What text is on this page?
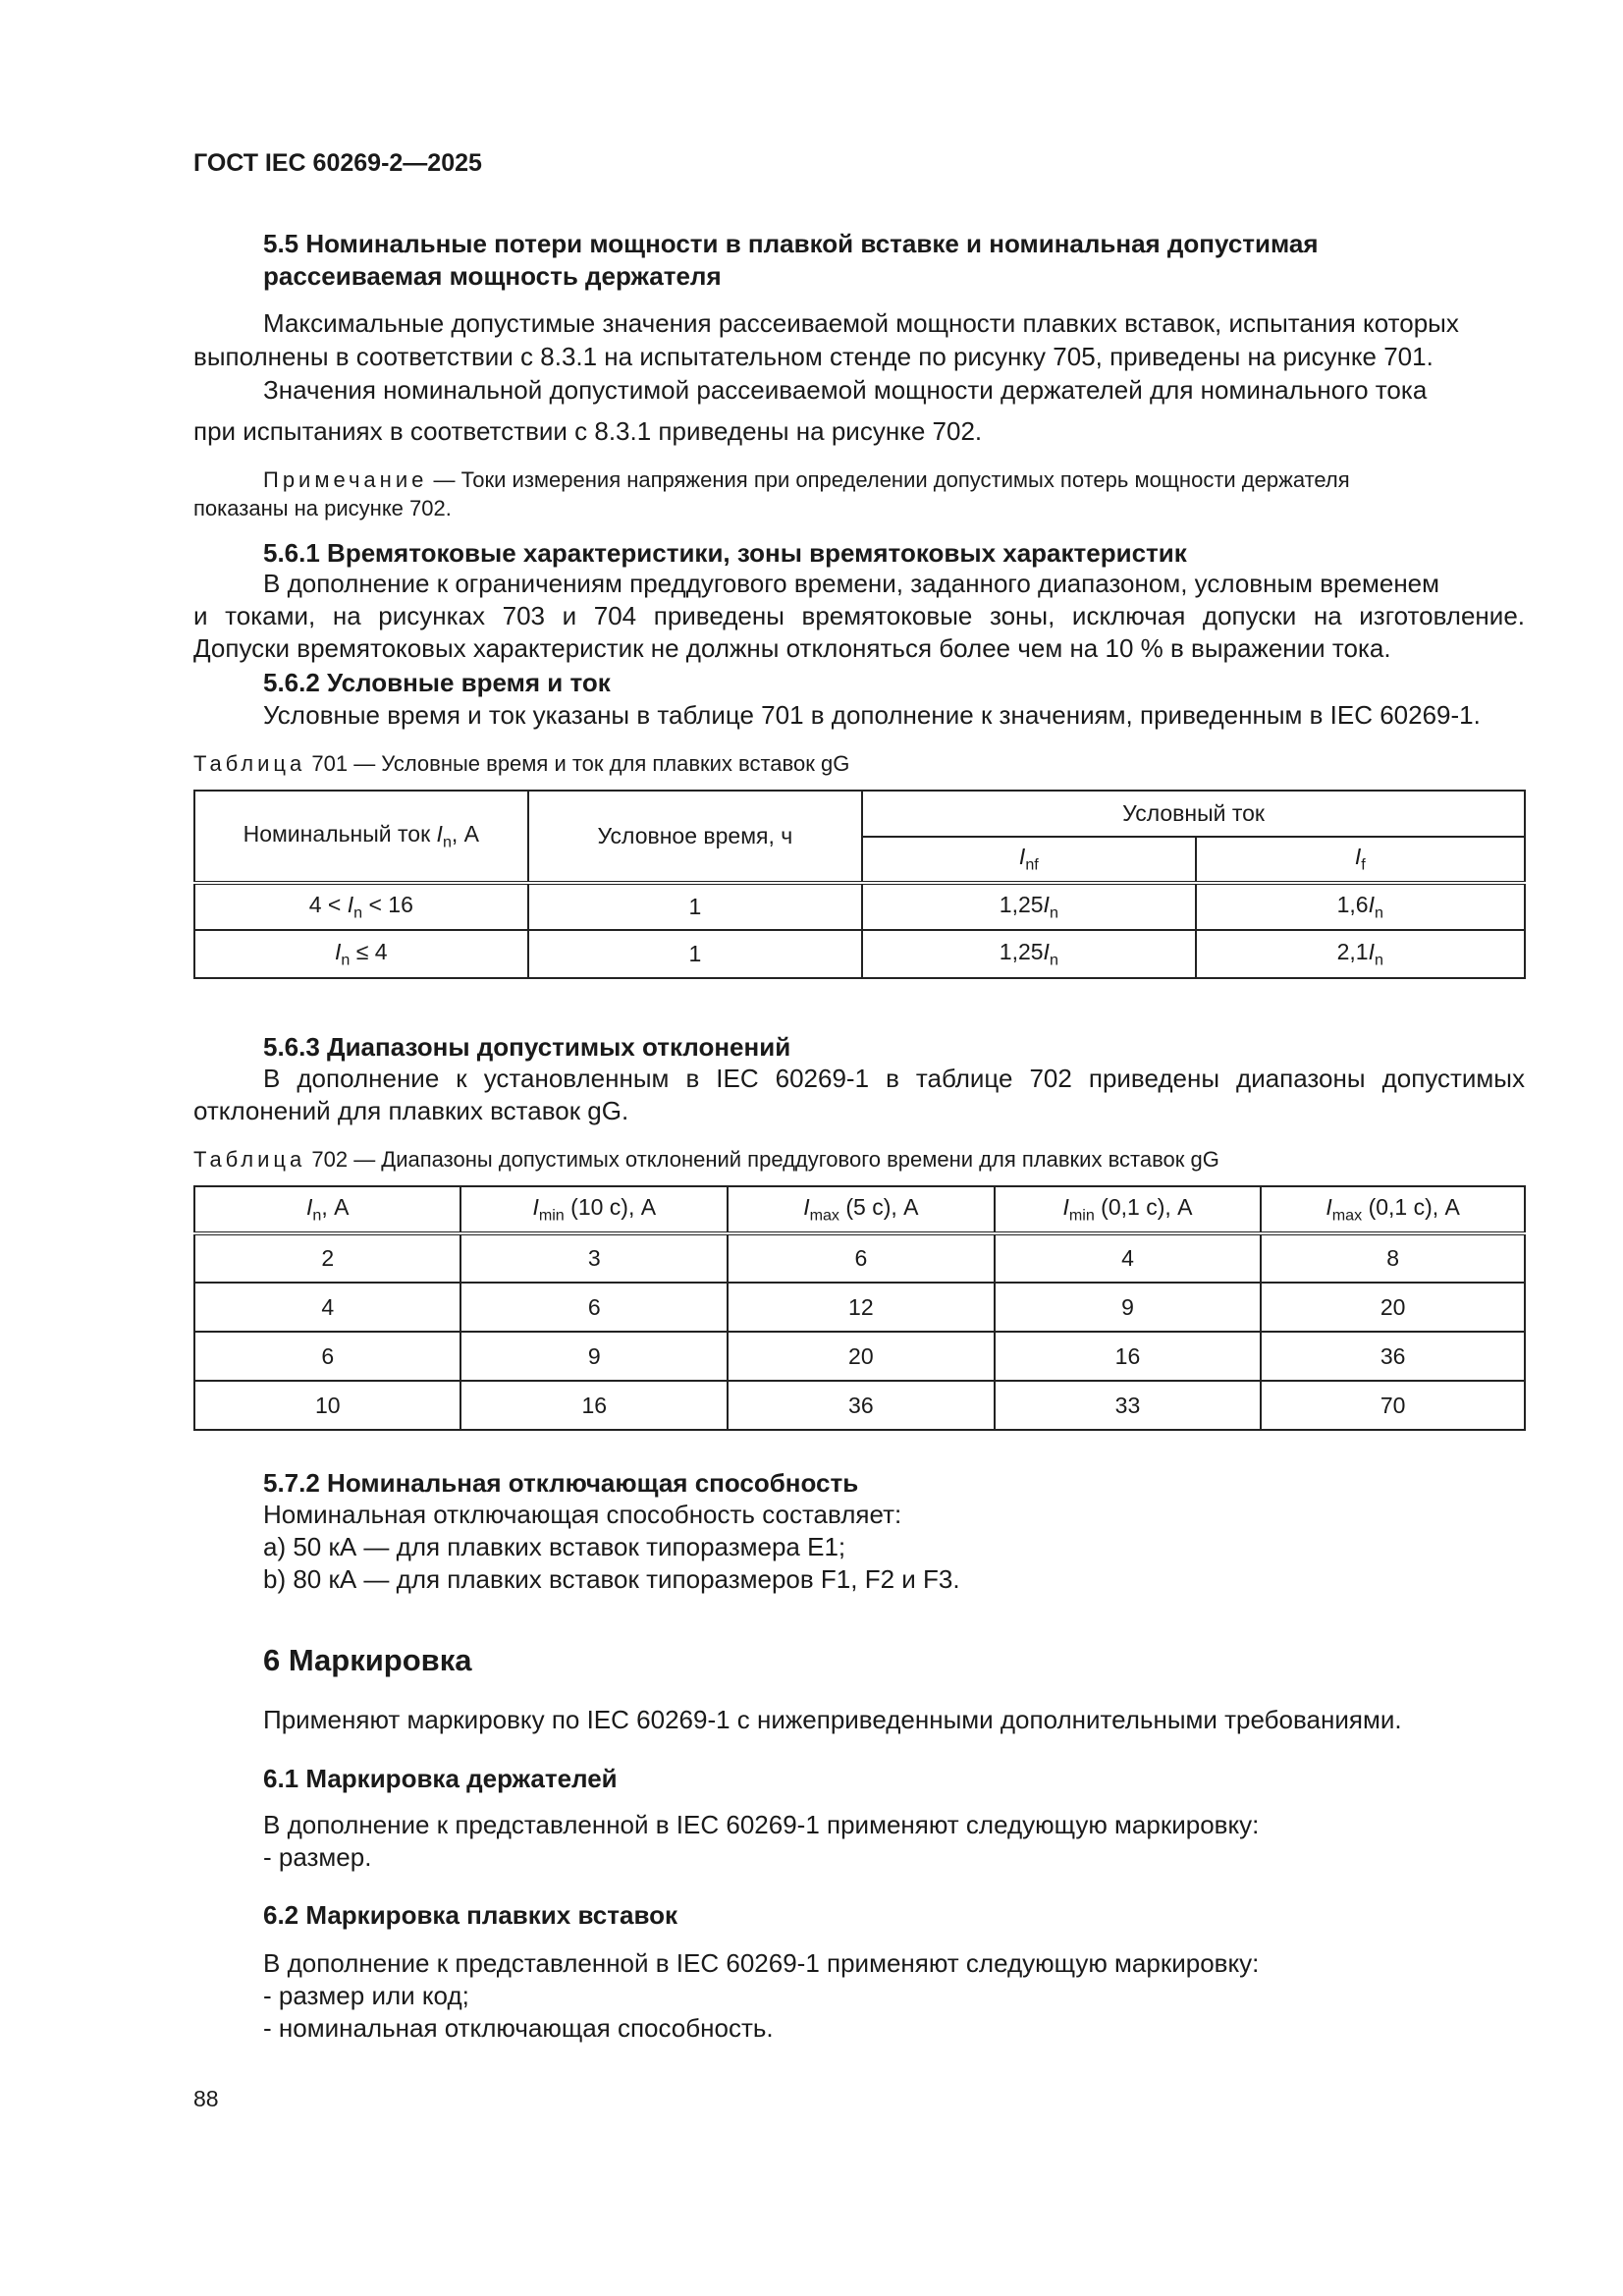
ГОСТ IEC 60269-2—2025
5.5 Номинальные потери мощности в плавкой вставке и номинальная допустимая
рассеиваемая мощность держателя
Максимальные допустимые значения рассеиваемой мощности плавких вставок, испытания которых
выполнены в соответствии с 8.3.1 на испытательном стенде по рисунку 705, приведены на рисунке 701.
Значения номинальной допустимой рассеиваемой мощности держателей для номинального тока
при испытаниях в соответствии с 8.3.1 приведены на рисунке 702.
Примечание — Токи измерения напряжения при определении допустимых потерь мощности держателя
показаны на рисунке 702.
5.6.1 Времятоковые характеристики, зоны времятоковых характеристик
В дополнение к ограничениям преддугового времени, заданного диапазоном, условным временем
и токами, на рисунках 703 и 704 приведены времятоковые зоны, исключая допуски на изготовление.
Допуски времятоковых характеристик не должны отклоняться более чем на 10 % в выражении тока.
5.6.2 Условные время и ток
Условные время и ток указаны в таблице 701 в дополнение к значениям, приведенным в IEC 60269-1.
Таблица 701 — Условные время и ток для плавких вставок gG
Номинальный ток $I_n$, А	Условное время, ч	Условный ток	
		$I_{nf}$	$I_f$
$4 < I_n < 16$	1	$1,25I_n$	$1,6I_n$
$I_n \le 4$	1	$1,25I_n$	$2,1I_n$
5.6.3 Диапазоны допустимых отклонений
В дополнение к установленным в IEC 60269-1 в таблице 702 приведены диапазоны допустимых
отклонений для плавких вставок gG.
Таблица 702 — Диапазоны допустимых отклонений преддугового времени для плавких вставок gG
$I_n$, А	$I_{min}$ (10 с), А	$I_{max}$ (5 с), А	$I_{min}$ (0,1 с), А	$I_{max}$ (0,1 с), А
2	3	6	4	8
4	6	12	9	20
6	9	20	16	36
10	16	36	33	70
5.7.2 Номинальная отключающая способность
Номинальная отключающая способность составляет:
a) 50 кА — для плавких вставок типоразмера E1;
b) 80 кА — для плавких вставок типоразмеров F1, F2 и F3.
6 Маркировка
Применяют маркировку по IEC 60269-1 с нижеприведенными дополнительными требованиями.
6.1 Маркировка держателей
В дополнение к представленной в IEC 60269-1 применяют следующую маркировку:
- размер.
6.2 Маркировка плавких вставок
В дополнение к представленной в IEC 60269-1 применяют следующую маркировку:
- размер или код;
- номинальная отключающая способность.
88
